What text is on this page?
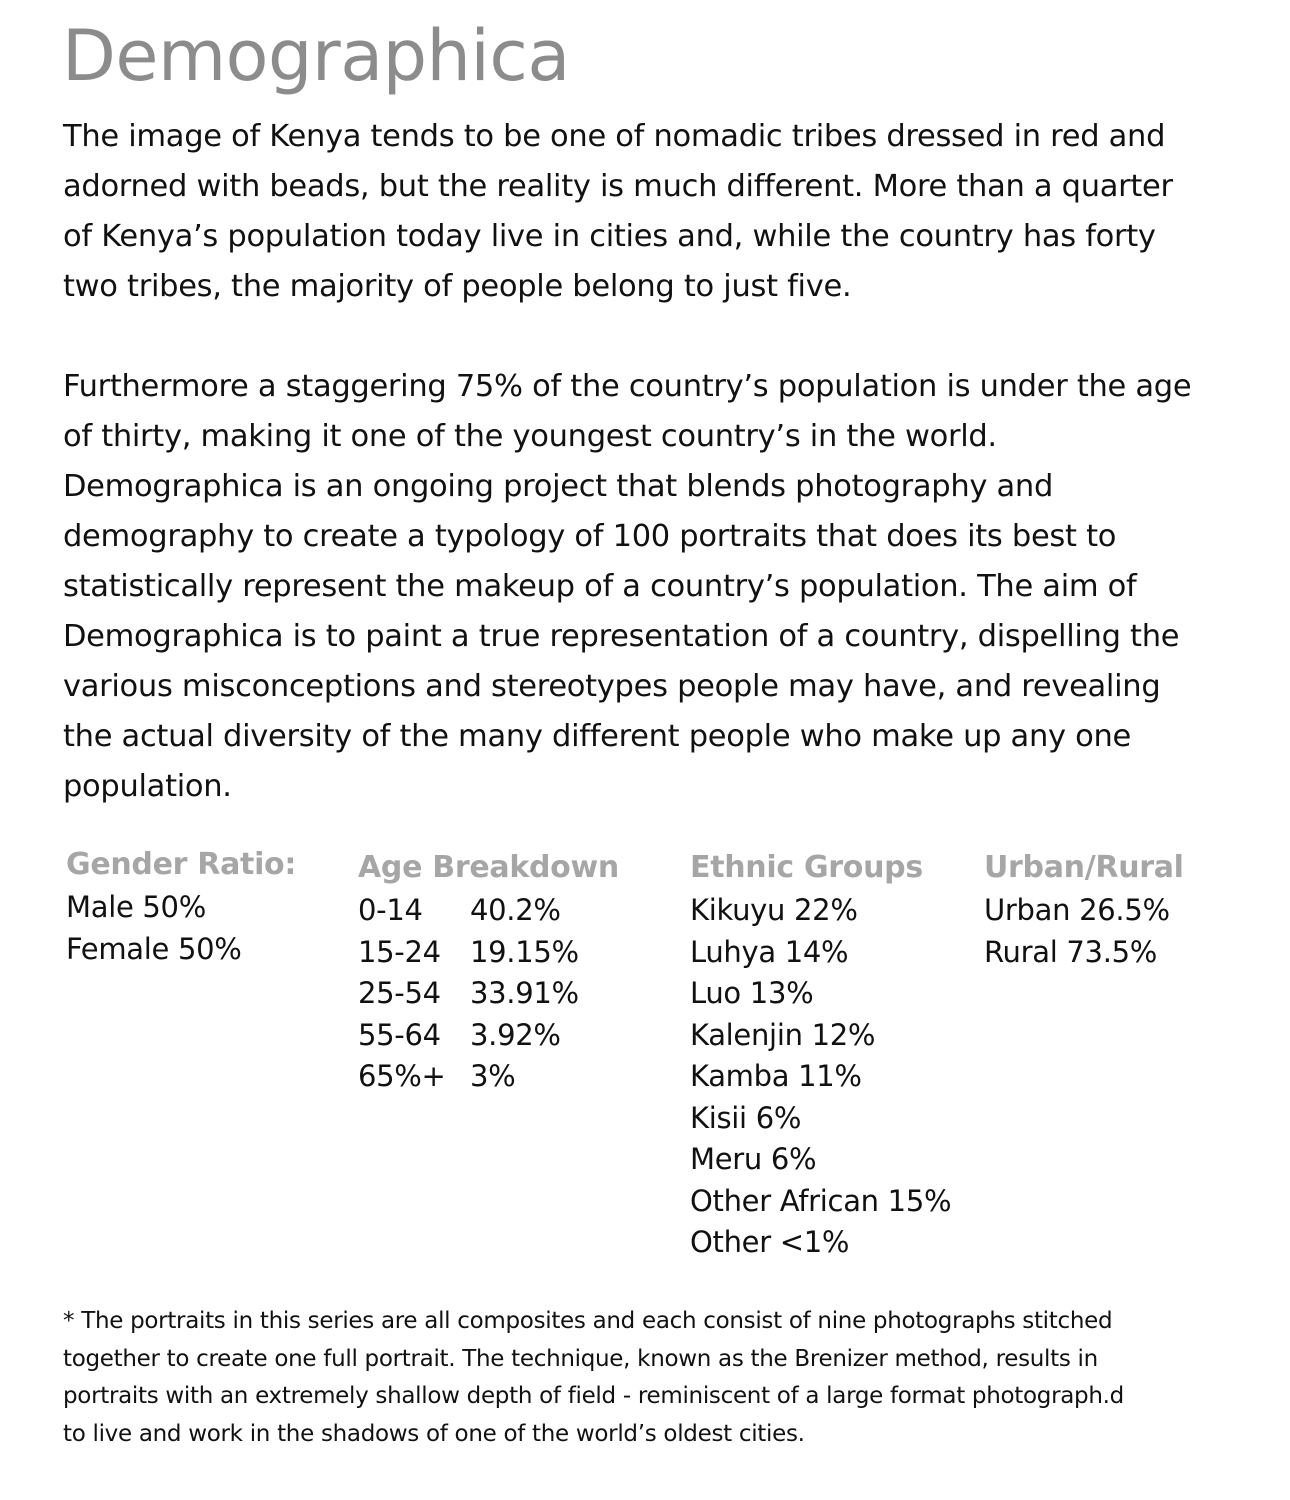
Demographica
The image of Kenya tends to be one of nomadic tribes dressed in red and
adorned with beads, but the reality is much different. More than a quarter
of Kenya’s population today live in cities and, while the country has forty
two tribes, the majority of people belong to just five.
Furthermore a staggering 75% of the country’s population is under the age
of thirty, making it one of the youngest country’s in the world.
Demographica is an ongoing project that blends photography and
demography to create a typology of 100 portraits that does its best to
statistically represent the makeup of a country’s population. The aim of
Demographica is to paint a true representation of a country, dispelling the
various misconceptions and stereotypes people may have, and revealing
the actual diversity of the many different people who make up any one
population.
Gender Ratio:
Male 50%
Female 50%
Age Breakdown
0-14 40.2%
15-24 19.15%
25-54 33.91%
55-64 3.92%
65%+ 3%
Ethnic Groups
Kikuyu 22%
Luhya 14%
Luo 13%
Kalenjin 12%
Kamba 11%
Kisii 6%
Meru 6%
Other African 15%
Other <1%
Urban/Rural
Urban 26.5%
Rural 73.5%
* The portraits in this series are all composites and each consist of nine photographs stitched
together to create one full portrait. The technique, known as the Brenizer method, results in
portraits with an extremely shallow depth of field - reminiscent of a large format photograph.d
to live and work in the shadows of one of the world’s oldest cities.
